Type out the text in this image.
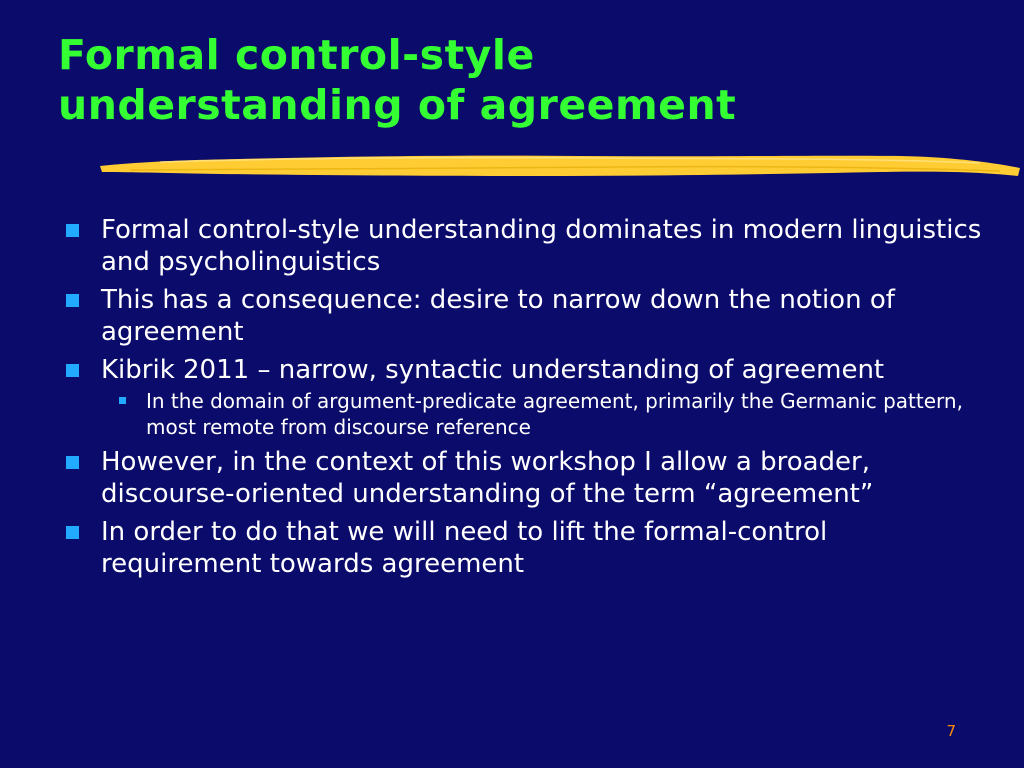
Formal control-style
understanding of agreement
Formal control-style understanding dominates in modern linguistics and psycholinguistics
This has a consequence: desire to narrow down the notion of agreement
Kibrik 2011 – narrow, syntactic understanding of agreement
In the domain of argument-predicate agreement, primarily the Germanic pattern, most remote from discourse reference
However, in the context of this workshop I allow a broader, discourse-oriented understanding of the term “agreement”
In order to do that we will need to lift the formal-control requirement towards agreement
7
